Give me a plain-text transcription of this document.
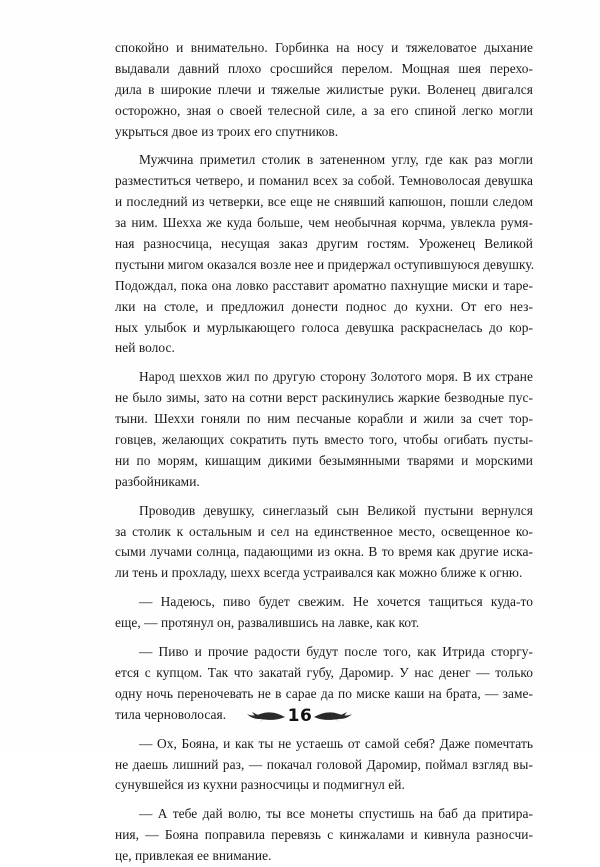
спокойно и внимательно. Горбинка на носу и тяжеловатое дыхание
выдавали давний плохо сросшийся перелом. Мощная шея перехо-
дила в широкие плечи и тяжелые жилистые руки. Воленец двигался
осторожно, зная о своей телесной силе, а за его спиной легко могли
укрыться двое из троих его спутников.
Мужчина приметил столик в затененном углу, где как раз могли
разместиться четверо, и поманил всех за собой. Темноволосая девушка
и последний из четверки, все еще не снявший капюшон, пошли следом
за ним. Шехха же куда больше, чем необычная корчма, увлекла румя-
ная разносчица, несущая заказ другим гостям. Уроженец Великой
пустыни мигом оказался возле нее и придержал оступившуюся девушку.
Подождал, пока она ловко расставит ароматно пахнущие миски и таре-
лки на столе, и предложил донести поднос до кухни. От его нез-
ных улыбок и мурлыкающего голоса девушка раскраснелась до кор-
ней волос.
Народ шеххов жил по другую сторону Золотого моря. В их стране
не было зимы, зато на сотни верст раскинулись жаркие безводные пус-
тыни. Шеххи гоняли по ним песчаные корабли и жили за счет тор-
говцев, желающих сократить путь вместо того, чтобы огибать пусты-
ни по морям, кишащим дикими безымянными тварями и морскими
разбойниками.
Проводив девушку, синеглазый сын Великой пустыни вернулся
за столик к остальным и сел на единственное место, освещенное ко-
сыми лучами солнца, падающими из окна. В то время как другие иска-
ли тень и прохладу, шехх всегда устраивался как можно ближе к огню.
— Надеюсь, пиво будет свежим. Не хочется тащиться куда-то
еще, — протянул он, развалившись на лавке, как кот.
— Пиво и прочие радости будут после того, как Итрида сторгу-
ется с купцом. Так что закатай губу, Даромир. У нас денег — только
одну ночь переночевать не в сарае да по миске каши на брата, — заме-
тила черноволосая.
— Ох, Бояна, и как ты не устаешь от самой себя? Даже помечтать
не даешь лишний раз, — покачал головой Даромир, поймал взгляд вы-
сунувшейся из кухни разносчицы и подмигнул ей.
— А тебе дай волю, ты все монеты спустишь на баб да притира-
ния, — Бояна поправила перевязь с кинжалами и кивнула разносчи-
це, привлекая ее внимание.
16
